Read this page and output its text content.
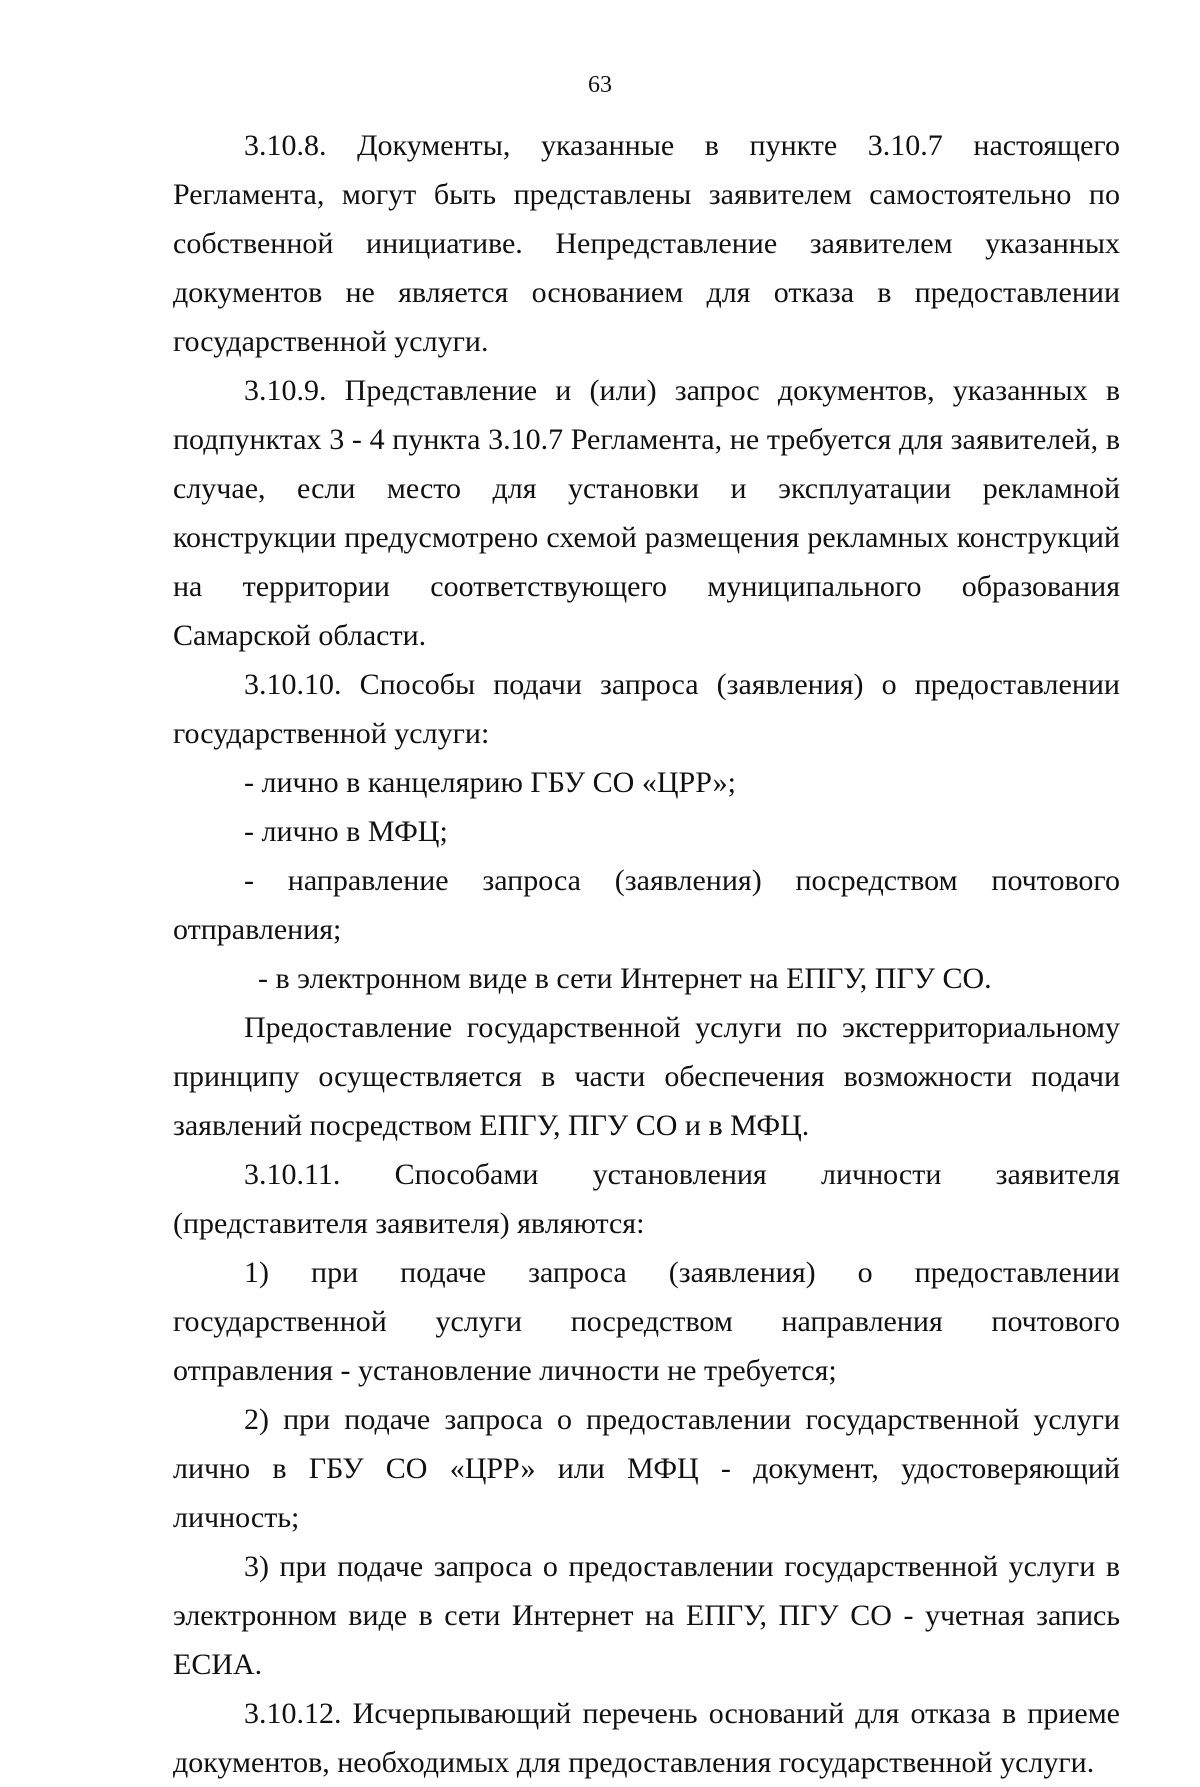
63

3.10.8. Документы, указанные в пункте 3.10.7 настоящего Регламента, могут быть представлены заявителем самостоятельно по собственной инициативе. Непредставление заявителем указанных документов не является основанием для отказа в предоставлении государственной услуги.

3.10.9. Представление и (или) запрос документов, указанных в подпунктах 3 - 4 пункта 3.10.7 Регламента, не требуется для заявителей, в случае, если место для установки и эксплуатации рекламной конструкции предусмотрено схемой размещения рекламных конструкций на территории соответствующего муниципального образования Самарской области.

3.10.10. Способы подачи запроса (заявления) о предоставлении государственной услуги:

- лично в канцелярию ГБУ СО «ЦРР»;

- лично в МФЦ;

- направление запроса (заявления) посредством почтового отправления;

- в электронном виде в сети Интернет на ЕПГУ, ПГУ СО.

Предоставление государственной услуги по экстерриториальному принципу осуществляется в части обеспечения возможности подачи заявлений посредством ЕПГУ, ПГУ СО и в МФЦ.

3.10.11. Способами установления личности заявителя (представителя заявителя) являются:

1) при подаче запроса (заявления) о предоставлении государственной услуги посредством направления почтового отправления - установление личности не требуется;

2) при подаче запроса о предоставлении государственной услуги лично в ГБУ СО «ЦРР» или МФЦ - документ, удостоверяющий личность;

3) при подаче запроса о предоставлении государственной услуги в электронном виде в сети Интернет на ЕПГУ, ПГУ СО - учетная запись ЕСИА.

3.10.12. Исчерпывающий перечень оснований для отказа в приеме документов, необходимых для предоставления государственной услуги.
